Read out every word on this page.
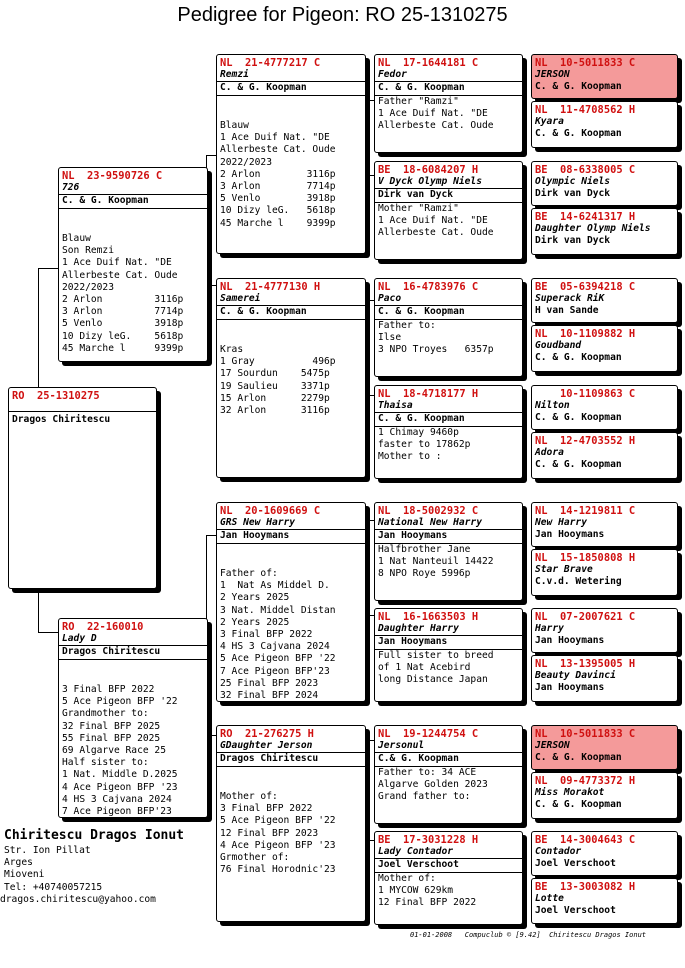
Pedigree for Pigeon: RO 25-1310275
RO  25-1310275
Dragos Chiritescu
NL  23-9590726 C
726
C. & G. Koopman

Blauw
Son Remzi
1 Ace Duif Nat. "DE
Allerbeste Cat. Oude
2022/2023
2 Arlon         3116p
3 Arlon         7714p
5 Venlo         3918p
10 Dizy leG.    5618p
45 Marche l     9399p

RO  22-160010
Lady D
Dragos Chiritescu

3 Final BFP 2022
5 Ace Pigeon BFP '22
Grandmother to:
32 Final BFP 2025
55 Final BFP 2025
69 Algarve Race 25
Half sister to:
1 Nat. Middle D.2025
4 Ace Pigeon BFP '23
4 HS 3 Cajvana 2024
7 Ace Pigeon BFP'23

NL  21-4777217 C
Remzi
C. & G. Koopman

Blauw
1 Ace Duif Nat. "DE
Allerbeste Cat. Oude
2022/2023
2 Arlon        3116p
3 Arlon        7714p
5 Venlo        3918p
10 Dizy leG.   5618p
45 Marche l    9399p

NL  21-4777130 H
Samerei
C. & G. Koopman

Kras
1 Gray          496p
17 Sourdun    5475p
19 Saulieu    3371p
15 Arlon      2279p
32 Arlon      3116p

NL  20-1609669 C
GRS New Harry
Jan Hooymans

Father of:
1  Nat As Middel D.
2 Years 2025
3 Nat. Middel Distan
2 Years 2025
3 Final BFP 2022
4 HS 3 Cajvana 2024
5 Ace Pigeon BFP '22
7 Ace Pigeon BFP'23
25 Final BFP 2023
32 Final BFP 2024

RO  21-276275 H
GDaughter Jerson
Dragos Chiritescu

Mother of:
3 Final BFP 2022
5 Ace Pigeon BFP '22
12 Final BFP 2023
4 Ace Pigeon BFP '23
Grmother of:
76 Final Horodnic'23

NL  17-1644181 C
Fedor
C. & G. Koopman
Father "Ramzi"
1 Ace Duif Nat. "DE
Allerbeste Cat. Oude
BE  18-6084207 H
V Dyck Olymp Niels
Dirk van Dyck
Mother "Ramzi"
1 Ace Duif Nat. "DE
Allerbeste Cat. Oude
NL  16-4783976 C
Paco
C. & G. Koopman
Father to:
Ilse
3 NPO Troyes   6357p
NL  18-4718177 H
Thaisa
C. & G. Koopman
1 Chimay 9460p
faster to 17862p
Mother to :
NL  18-5002932 C
National New Harry
Jan Hooymans
Halfbrother Jane
1 Nat Nanteuil 14422
8 NPO Roye 5996p
NL  16-1663503 H
Daughter Harry
Jan Hooymans
Full sister to breed
of 1 Nat Acebird
long Distance Japan
NL  19-1244754 C
Jersonul
C.& G. Koopman
Father to: 34 ACE
Algarve Golden 2023
Grand father to:
BE  17-3031228 H
Lady Contador
Joel Verschoot
Mother of:
1 MYCOW 629km
12 Final BFP 2022
NL  10-5011833 C
JERSON
C. & G. Koopman
NL  11-4708562 H
Kyara
C. & G. Koopman
BE  08-6338005 C
Olympic Niels
Dirk van Dyck
BE  14-6241317 H
Daughter Olymp Niels
Dirk van Dyck
BE  05-6394218 C
Superack RiK
H van Sande
NL  10-1109882 H
Goudband
C. & G. Koopman
10-1109863 C
Nilton
C. & G. Koopman
NL  12-4703552 H
Adora
C. & G. Koopman
NL  14-1219811 C
New Harry
Jan Hooymans
NL  15-1850808 H
Star Brave
C.v.d. Wetering
NL  07-2007621 C
Harry
Jan Hooymans
NL  13-1395005 H
Beauty Davinci
Jan Hooymans
NL  10-5011833 C
JERSON
C. & G. Koopman
NL  09-4773372 H
Miss Morakot
C. & G. Koopman
BE  14-3004643 C
Contador
Joel Verschoot
BE  13-3003082 H
Lotte
Joel Verschoot
Chiritescu Dragos Ionut
Str. Ion Pillat
Arges
Mioveni
Tel: +40740057215
dragos.chiritescu@yahoo.com
01-01-2008   Compuclub © [9.42]  Chiritescu Dragos Ionut
